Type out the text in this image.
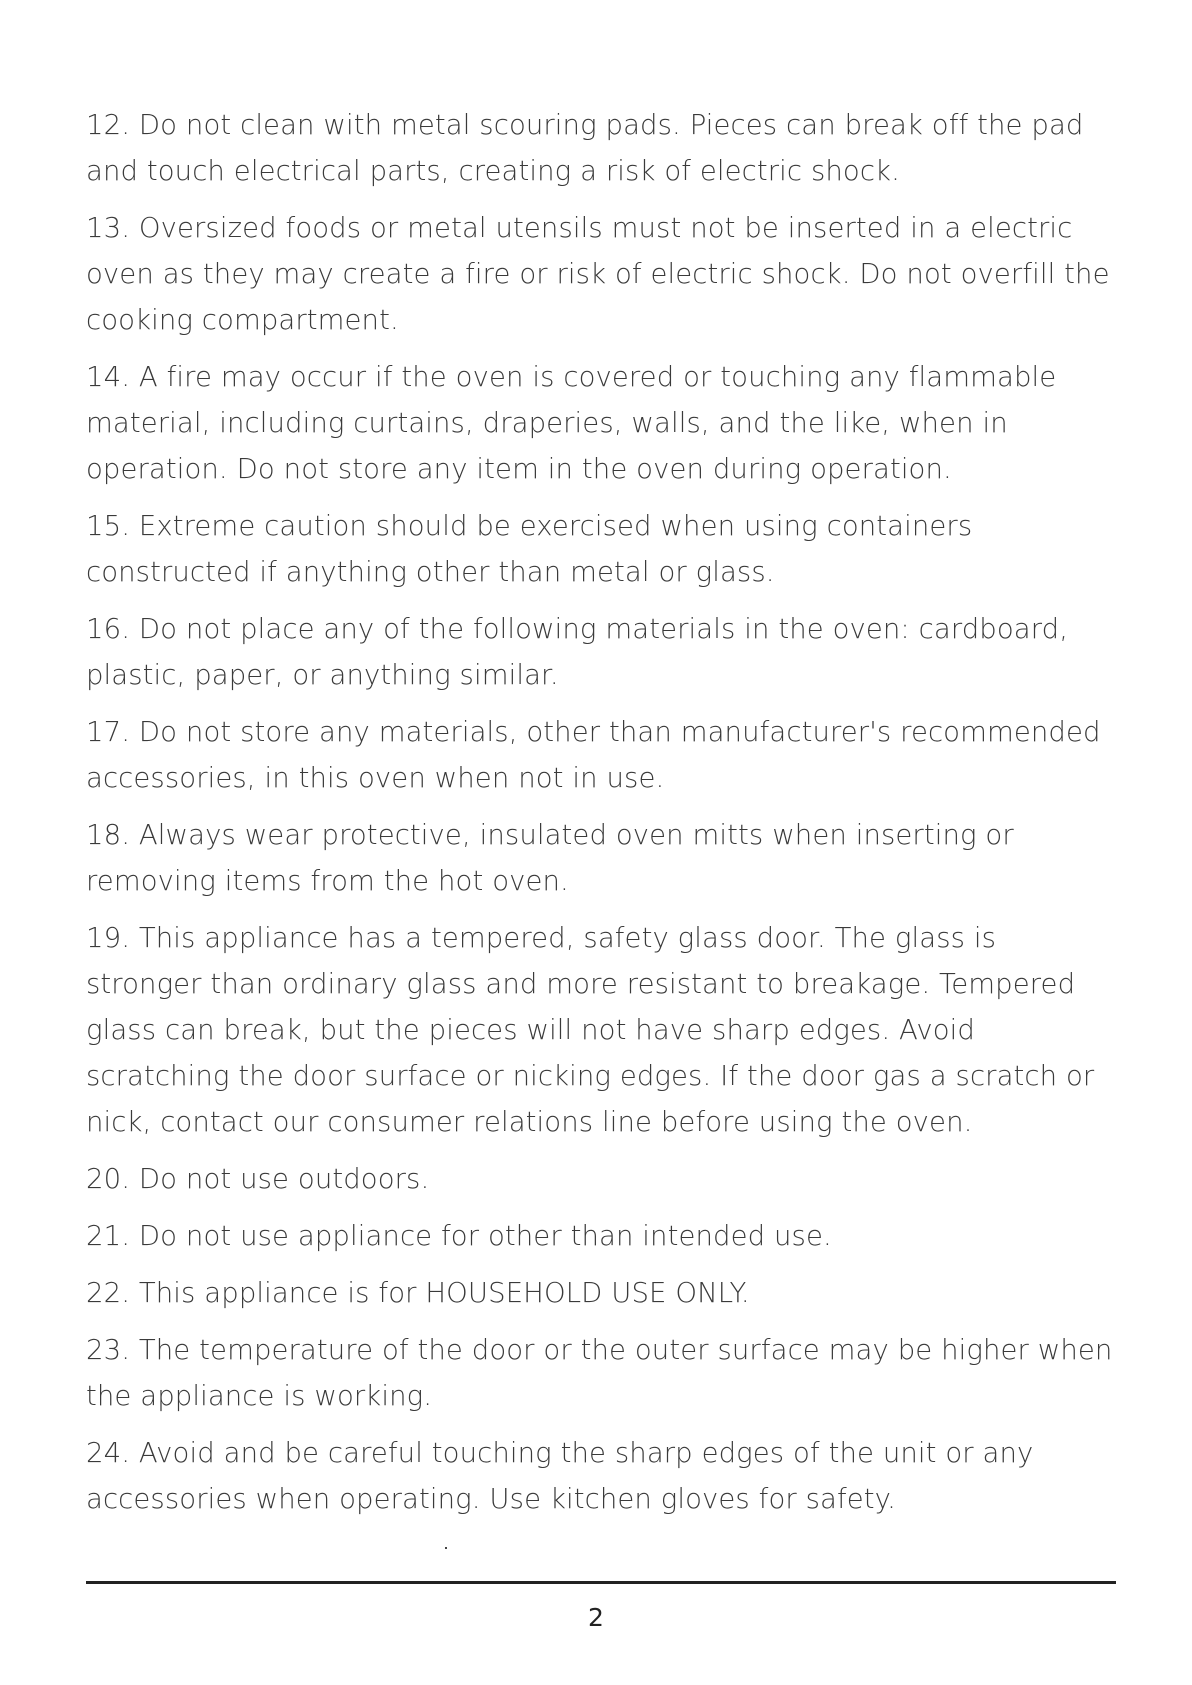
12. Do not clean with metal scouring pads. Pieces can break off the pad and touch electrical parts, creating a risk of electric shock.

13. Oversized foods or metal utensils must not be inserted in a electric oven as they may create a fire or risk of electric shock. Do not overfill the cooking compartment.

14. A fire may occur if the oven is covered or touching any flammable material, including curtains, draperies, walls, and the like, when in operation. Do not store any item in the oven during operation.

15. Extreme caution should be exercised when using containers constructed if anything other than metal or glass.

16. Do not place any of the following materials in the oven: cardboard, plastic, paper, or anything similar.

17. Do not store any materials, other than manufacturer's recommended accessories, in this oven when not in use.

18. Always wear protective, insulated oven mitts when inserting or removing items from the hot oven.

19. This appliance has a tempered, safety glass door. The glass is stronger than ordinary glass and more resistant to breakage. Tempered glass can break, but the pieces will not have sharp edges. Avoid scratching the door surface or nicking edges. If the door gas a scratch or nick, contact our consumer relations line before using the oven.

20. Do not use outdoors.

21. Do not use appliance for other than intended use.

22. This appliance is for HOUSEHOLD USE ONLY.

23. The temperature of the door or the outer surface may be higher when the appliance is working.

24. Avoid and be careful touching the sharp edges of the unit or any accessories when operating. Use kitchen gloves for safety.

2
